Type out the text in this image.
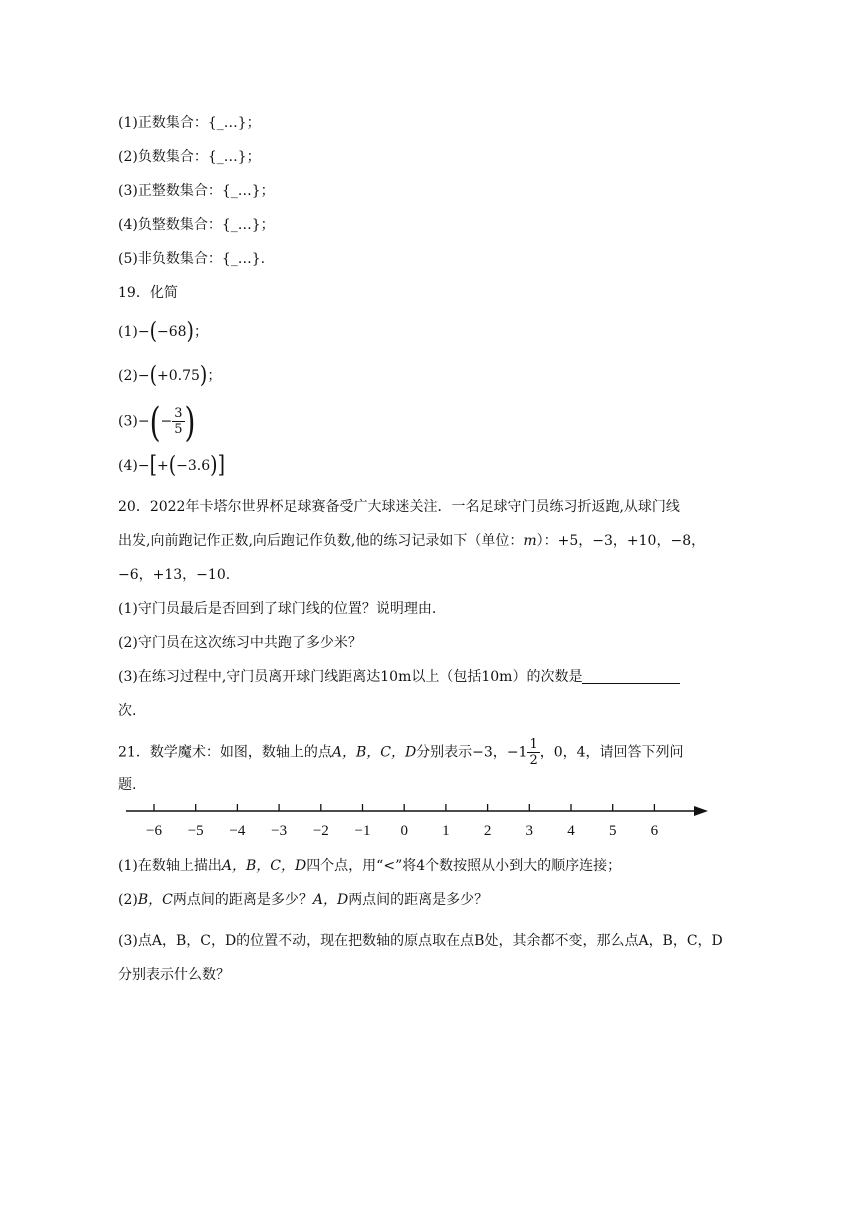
(1)正数集合：{_…}；
(2)负数集合：{_…}；
(3)正整数集合：{_…}；
(4)负整数集合：{_…}；
(5)非负数集合：{_…}.
19．化简
(1)−(−68)；
(2)−(+0.75)；
$(3)-(- \frac{3}{5}$ )
(4)−[+(−3.6)]
20．2022年卡塔尔世界杯足球赛备受广大球迷关注．一名足球守门员练习折返跑,从球门线
出发,向前跑记作正数,向后跑记作负数,他的练习记录如下（单位：m）：+5，−3，+10，−8，
−6，+13，−10.
(1)守门员最后是否回到了球门线的位置？说明理由.
(2)守门员在这次练习中共跑了多少米？
(3)在练习过程中,守门员离开球门线距离达10m以上（包括10m）的次数是
次.
21．数学魔术：如图，数轴上的点A，B，C，D分别表示−3，$-1 \frac{1}{2}$ ，0，4，请回答下列问
题.
−6 −5 −4 −3 −2 −1 0 1 2 3 4 5 6
(1)在数轴上描出A，B，C，D四个点，用“<”将4个数按照从小到大的顺序连接；
(2)B，C两点间的距离是多少？A，D两点间的距离是多少？
(3)点A，B，C，D的位置不动，现在把数轴的原点取在点B处，其余都不变，那么点A，B，C，D分别表示什么数？
